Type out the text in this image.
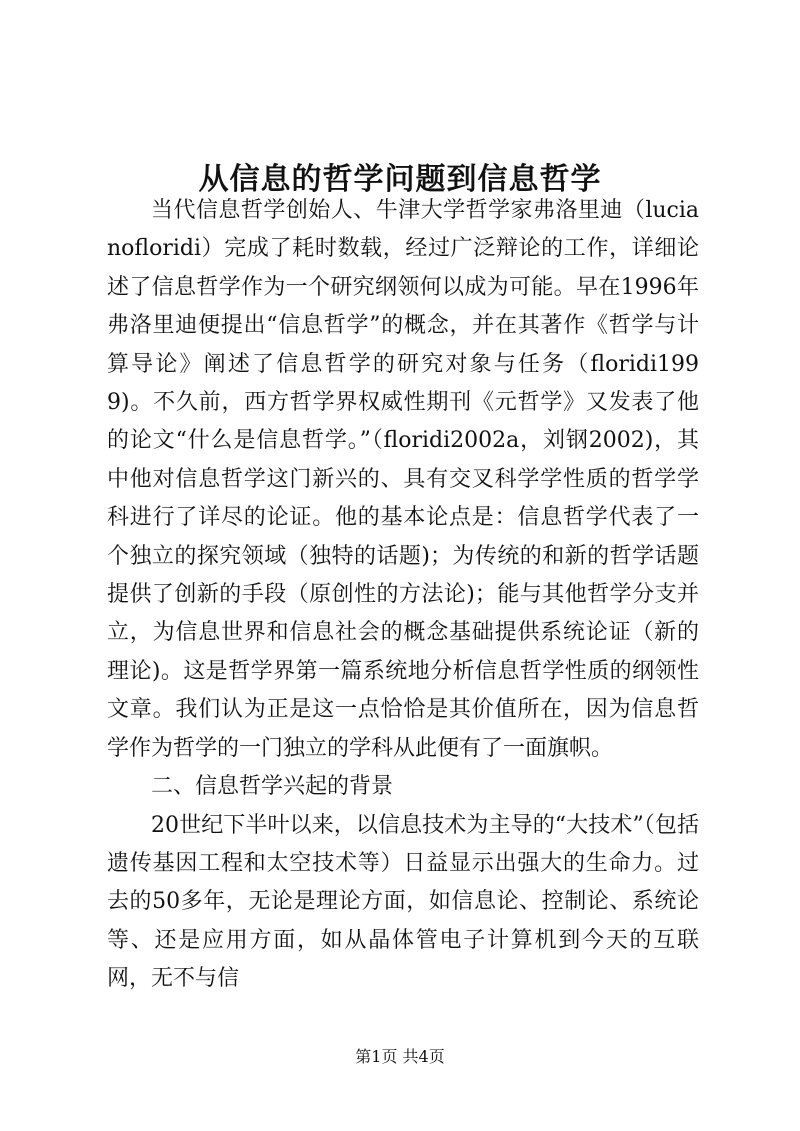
从信息的哲学问题到信息哲学

当代信息哲学创始人、牛津大学哲学家弗洛里迪（lucianofloridi）完成了耗时数载，经过广泛辩论的工作，详细论述了信息哲学作为一个研究纲领何以成为可能。早在1996年弗洛里迪便提出“信息哲学”的概念，并在其著作《哲学与计算导论》阐述了信息哲学的研究对象与任务（floridi1999)。不久前，西方哲学界权威性期刊《元哲学》又发表了他的论文“什么是信息哲学。”（floridi2002a，刘钢2002)，其中他对信息哲学这门新兴的、具有交叉科学学性质的哲学学科进行了详尽的论证。他的基本论点是：信息哲学代表了一个独立的探究领域（独特的话题)；为传统的和新的哲学话题提供了创新的手段（原创性的方法论)；能与其他哲学分支并立，为信息世界和信息社会的概念基础提供系统论证（新的理论)。这是哲学界第一篇系统地分析信息哲学性质的纲领性文章。我们认为正是这一点恰恰是其价值所在，因为信息哲学作为哲学的一门独立的学科从此便有了一面旗帜。

二、信息哲学兴起的背景

20世纪下半叶以来，以信息技术为主导的“大技术”（包括遗传基因工程和太空技术等）日益显示出强大的生命力。过去的50多年，无论是理论方面，如信息论、控制论、系统论等、还是应用方面，如从晶体管电子计算机到今天的互联网，无不与信

第1页 共4页
